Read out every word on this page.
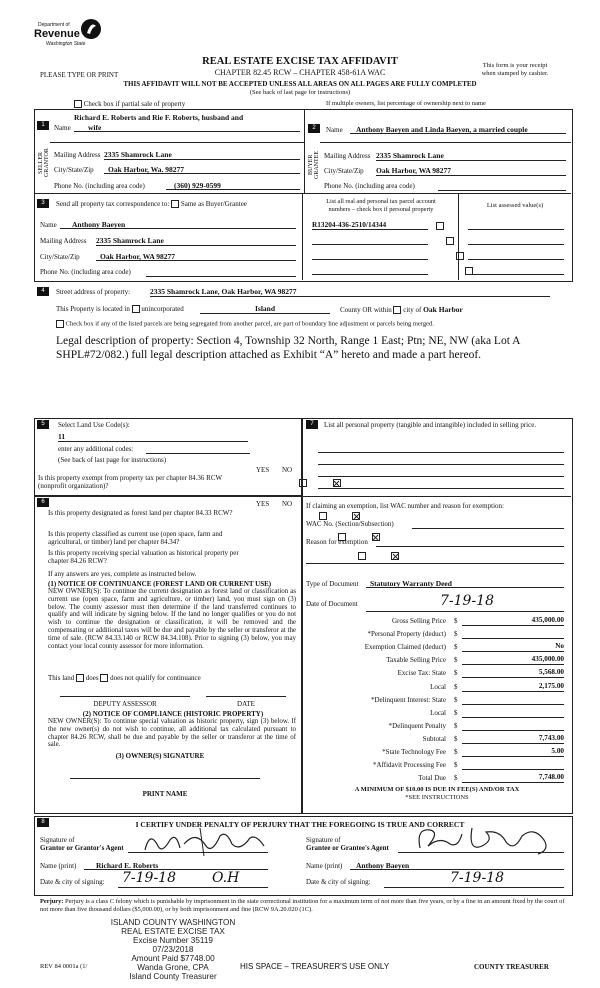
Department of
Revenue
Washington State
REAL ESTATE EXCISE TAX AFFIDAVIT
CHAPTER 82.45 RCW – CHAPTER 458-61A WAC
This form is your receipt
when stamped by cashier.
PLEASE TYPE OR PRINT
THIS AFFIDAVIT WILL NOT BE ACCEPTED UNLESS ALL AREAS ON ALL PAGES ARE FULLY COMPLETED
(See back of last page for instructions)
Check box if partial sale of property	If multiple owners, list percentage of ownership next to name
1
SELLER GRANTOR
Richard E. Roberts and Rie F. Roberts, husband and
Name	wife
Mailing Address 2335 Shamrock Lane
City/State/Zip	Oak Harbor, Wa. 98277
Phone No. (including area code)	(360) 929-0599
2
BUYER GRANTEE
Name	Anthony Baeyen and Linda Baeyen, a married couple
Mailing Address 2335 Shamrock Lane
City/State/Zip Oak Harbor, WA 98277
Phone No. (including area code)
3	Send all property tax correspondence to: Same as Buyer/Grantee
Name	Anthony Baeyen
Mailing Address 2335 Shamrock Lane
City/State/Zip	Oak Harbor, WA 98277
Phone No. (including area code)
List all real and personal tax parcel account
numbers – check box if personal property
List assessed value(s)
R13204-436-2510/14344

4	Street address of property:	2335 Shamrock Lane, Oak Harbor, WA 98277
This Property is located in unincorporated	Island	County OR within city of Oak Harbor
Check box if any of the listed parcels are being segregated from another parcel, are part of boundary line adjustment or parcels being merged.
Legal description of property: Section 4, Township 32 North, Range 1 East; Ptn; NE, NW (aka Lot A SHPL#72/082.) full legal description attached as Exhibit “A” hereto and made a part hereof.
5	Select Land Use Code(s):
11
enter any additional codes:
(See back of last page for instructions)
YES NO
Is this property exempt from property tax per chapter 84.36 RCW (nonprofit organization)?

6	YES NO
Is this property designated as forest land per chapter 84.33 RCW?

Is this property classified as current use (open space, farm and agricultural, or timber) land per chapter 84.34?

Is this property receiving special valuation as historical property per chapter 84.26 RCW?

If any answers are yes, complete as instructed below.
(1) NOTICE OF CONTINUANCE (FOREST LAND OR CURRENT USE)
NEW OWNER(S): To continue the current designation as forest land or classification as current use (open space, farm and agriculture, or timber) land, you must sign on (3) below. The county assessor must then determine if the land transferred continues to qualify and will indicate by signing below. If the land no longer qualifies or you do not wish to continue the designation or classification, it will be removed and the compensating or additional taxes will be due and payable by the seller or transferor at the time of sale. (RCW 84.33.140 or RCW 84.34.108). Prior to signing (3) below, you may contact your local county assessor for more information.
This land does does not qualify for continuance
DEPUTY ASSESSOR	DATE
(2) NOTICE OF COMPLIANCE (HISTORIC PROPERTY)
NEW OWNER(S): To continue special valuation as historic property, sign (3) below. If the new owner(s) do not wish to continue, all additional tax calculated pursuant to chapter 84.26 RCW, shall be due and payable by the seller or transferor at the time of sale.
(3) OWNER(S) SIGNATURE
PRINT NAME
7	List all personal property (tangible and intangible) included in selling price.
If claiming an exemption, list WAC number and reason for exemption:
WAC No. (Section/Subsection)
Reason for exemption
Type of Document	Statutory Warranty Deed
Date of Document	7-19-18
Gross Selling Price $	435,000.00
*Personal Property (deduct) $
Exemption Claimed (deduct) $	No
Taxable Selling Price $	435,000.00
Excise Tax: State $	5,568.00
Local $	2,175.00
*Delinquent Interest: State $
Local $
*Delinquent Penalty $
Subtotal $	7,743.00
*State Technology Fee $	5.00
*Affidavit Processing Fee $
Total Due $	7,748.00
A MINIMUM OF $10.00 IS DUE IN FEE(S) AND/OR TAX
*SEE INSTRUCTIONS
8	I CERTIFY UNDER PENALTY OF PERJURY THAT THE FOREGOING IS TRUE AND CORRECT
Signature of
Grantor or Grantor's Agent
Name (print)	Richard E. Roberts
Date & city of signing: 7-19-18	O.H
Signature of
Grantee or Grantee's Agent
Name (print)	Anthony Baeyen
Date & city of signing:	7-19-18
Perjury: Perjury is a class C felony which is punishable by imprisonment in the state correctional institution for a maximum term of not more than five years, or by a fine in an amount fixed by the court of not more than five thousand dollars ($5,000.00), or by both imprisonment and fine (RCW 9A.20.020 (1C).
ISLAND COUNTY WASHINGTON
REAL ESTATE EXCISE TAX
Excise Number 35119
07/23/2018
Amount Paid $7748.00
Wanda Grone, CPA
Island County Treasurer
REV 84 0001a (1/	HIS SPACE – TREASURER'S USE ONLY	COUNTY TREASURER
